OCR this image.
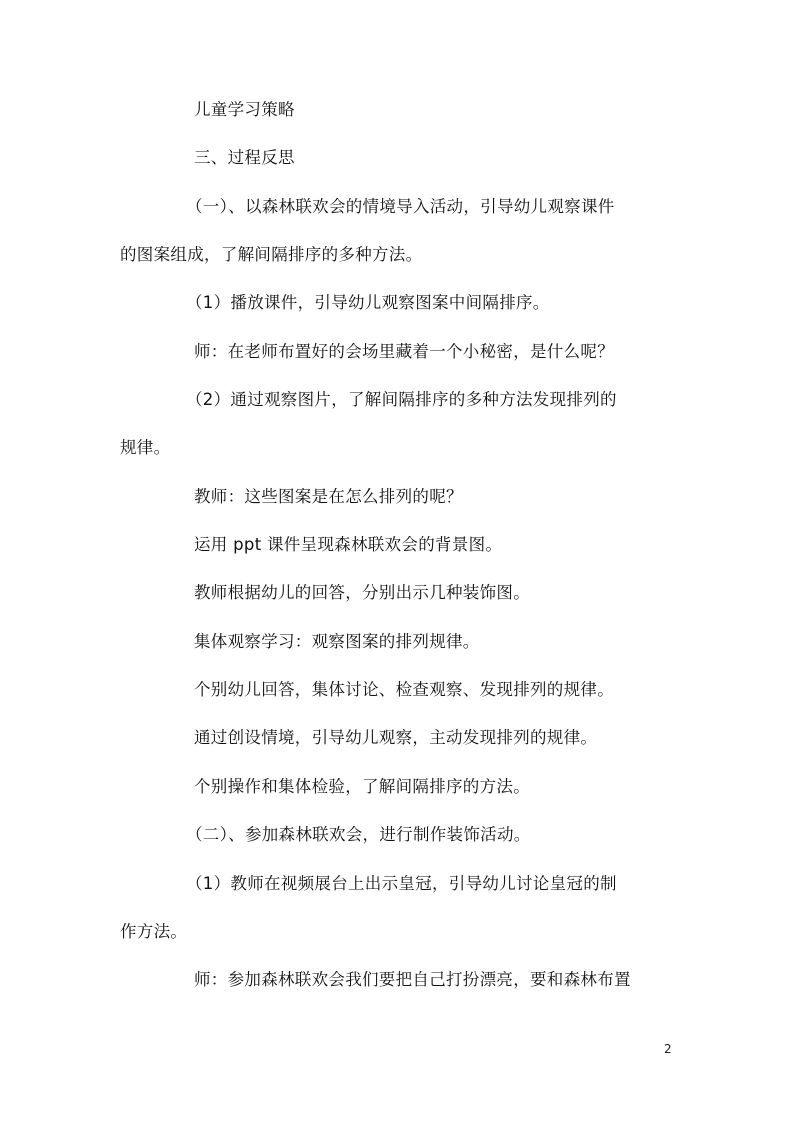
儿童学习策略
三、过程反思
（一）、以森林联欢会的情境导入活动，引导幼儿观察课件
的图案组成，了解间隔排序的多种方法。
（1）播放课件，引导幼儿观察图案中间隔排序。
师：在老师布置好的会场里藏着一个小秘密，是什么呢？
（2）通过观察图片，了解间隔排序的多种方法发现排列的
规律。
教师：这些图案是在怎么排列的呢？
运用 ppt 课件呈现森林联欢会的背景图。
教师根据幼儿的回答，分别出示几种装饰图。
集体观察学习：观察图案的排列规律。
个别幼儿回答，集体讨论、检查观察、发现排列的规律。
通过创设情境，引导幼儿观察，主动发现排列的规律。
个别操作和集体检验，了解间隔排序的方法。
（二）、参加森林联欢会，进行制作装饰活动。
（1）教师在视频展台上出示皇冠，引导幼儿讨论皇冠的制
作方法。
师：参加森林联欢会我们要把自己打扮漂亮，要和森林布置
2
